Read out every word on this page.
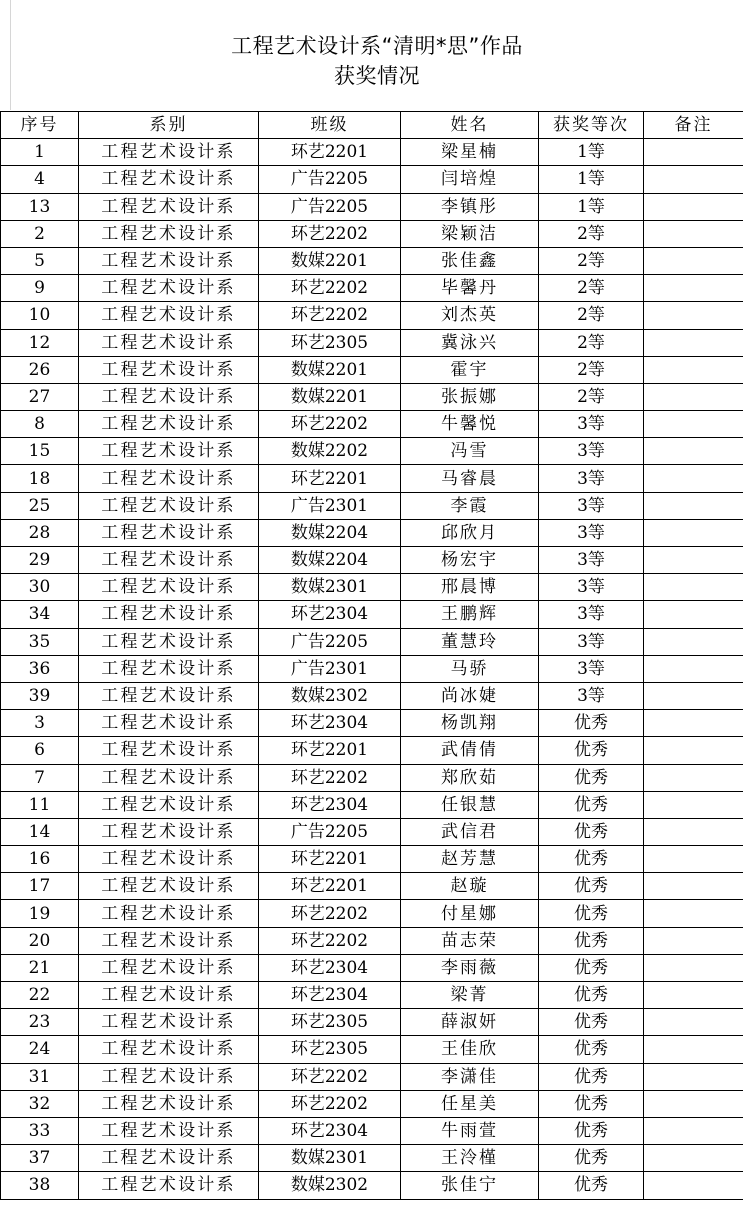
工程艺术设计系“清明*思”作品
获奖情况
序号	系别	班级	姓名	获奖等次	备注
1	工程艺术设计系	环艺2201	梁星楠	1等	
4	工程艺术设计系	广告2205	闫培煌	1等	
13	工程艺术设计系	广告2205	李镇彤	1等	
2	工程艺术设计系	环艺2202	梁颖洁	2等	
5	工程艺术设计系	数媒2201	张佳鑫	2等	
9	工程艺术设计系	环艺2202	毕馨丹	2等	
10	工程艺术设计系	环艺2202	刘杰英	2等	
12	工程艺术设计系	环艺2305	冀泳兴	2等	
26	工程艺术设计系	数媒2201	霍宇	2等	
27	工程艺术设计系	数媒2201	张振娜	2等	
8	工程艺术设计系	环艺2202	牛馨悦	3等	
15	工程艺术设计系	数媒2202	冯雪	3等	
18	工程艺术设计系	环艺2201	马睿晨	3等	
25	工程艺术设计系	广告2301	李霞	3等	
28	工程艺术设计系	数媒2204	邱欣月	3等	
29	工程艺术设计系	数媒2204	杨宏宇	3等	
30	工程艺术设计系	数媒2301	邢晨博	3等	
34	工程艺术设计系	环艺2304	王鹏辉	3等	
35	工程艺术设计系	广告2205	董慧玲	3等	
36	工程艺术设计系	广告2301	马骄	3等	
39	工程艺术设计系	数媒2302	尚冰婕	3等	
3	工程艺术设计系	环艺2304	杨凯翔	优秀	
6	工程艺术设计系	环艺2201	武倩倩	优秀	
7	工程艺术设计系	环艺2202	郑欣茹	优秀	
11	工程艺术设计系	环艺2304	任银慧	优秀	
14	工程艺术设计系	广告2205	武信君	优秀	
16	工程艺术设计系	环艺2201	赵芳慧	优秀	
17	工程艺术设计系	环艺2201	赵璇	优秀	
19	工程艺术设计系	环艺2202	付星娜	优秀	
20	工程艺术设计系	环艺2202	苗志荣	优秀	
21	工程艺术设计系	环艺2304	李雨薇	优秀	
22	工程艺术设计系	环艺2304	梁菁	优秀	
23	工程艺术设计系	环艺2305	薛淑妍	优秀	
24	工程艺术设计系	环艺2305	王佳欣	优秀	
31	工程艺术设计系	环艺2202	李潇佳	优秀	
32	工程艺术设计系	环艺2202	任星美	优秀	
33	工程艺术设计系	环艺2304	牛雨萱	优秀	
37	工程艺术设计系	数媒2301	王泠槿	优秀	
38	工程艺术设计系	数媒2302	张佳宁	优秀	
